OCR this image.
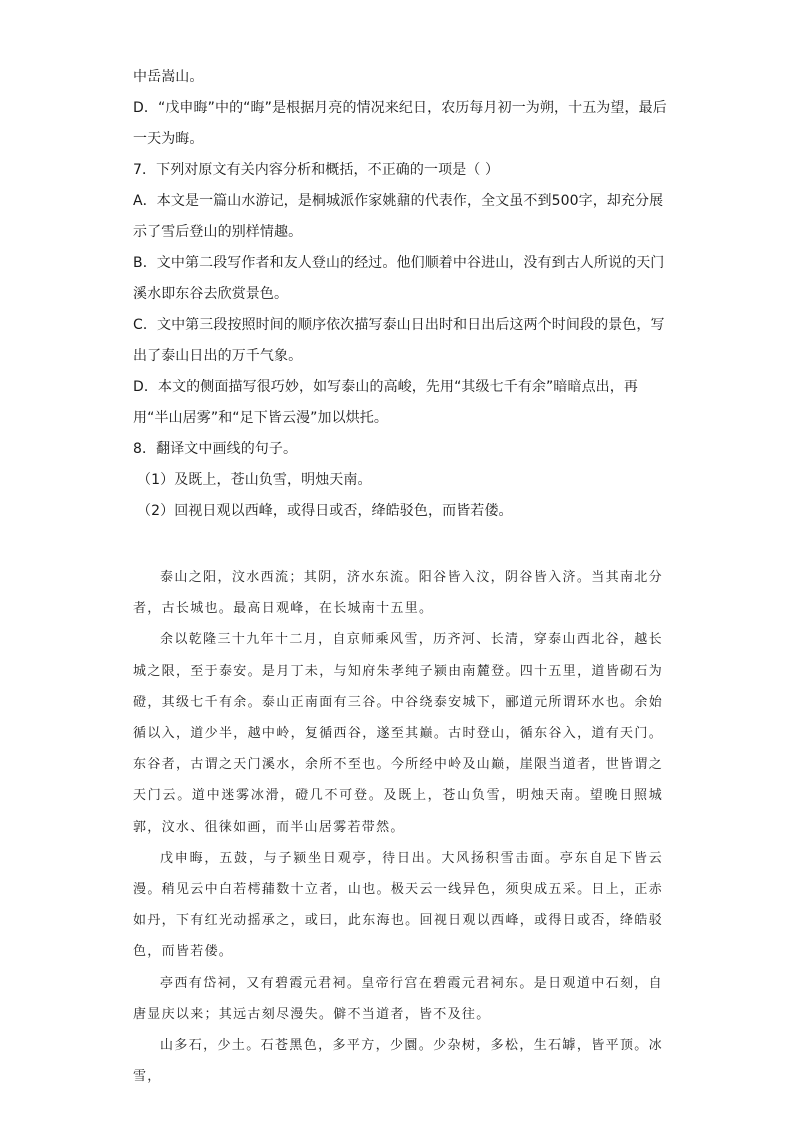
中岳嵩山。

D．“戊申晦”中的“晦”是根据月亮的情况来纪日，农历每月初一为朔，十五为望，最后一天为晦。

7．下列对原文有关内容分析和概括，不正确的一项是（ ）

A．本文是一篇山水游记，是桐城派作家姚鼐的代表作，全文虽不到500字，却充分展示了雪后登山的别样情趣。

B．文中第二段写作者和友人登山的经过。他们顺着中谷进山，没有到古人所说的天门溪水即东谷去欣赏景色。

C．文中第三段按照时间的顺序依次描写泰山日出时和日出后这两个时间段的景色，写出了泰山日出的万千气象。

D．本文的侧面描写很巧妙，如写泰山的高峻，先用“其级七千有余”暗暗点出，再用“半山居雾”和“足下皆云漫”加以烘托。

8．翻译文中画线的句子。

（1）及既上，苍山负雪，明烛天南。

（2）回视日观以西峰，或得日或否，绛皓驳色，而皆若偻。

泰山之阳，汶水西流；其阴，济水东流。阳谷皆入汶，阴谷皆入济。当其南北分者，古长城也。最高日观峰，在长城南十五里。

余以乾隆三十九年十二月，自京师乘风雪，历齐河、长清，穿泰山西北谷，越长城之限，至于泰安。是月丁未，与知府朱孝纯子颍由南麓登。四十五里，道皆砌石为磴，其级七千有余。泰山正南面有三谷。中谷绕泰安城下，郦道元所谓环水也。余始循以入，道少半，越中岭，复循西谷，遂至其巅。古时登山，循东谷入，道有天门。东谷者，古谓之天门溪水，余所不至也。今所经中岭及山巅，崖限当道者，世皆谓之天门云。道中迷雾冰滑，磴几不可登。及既上，苍山负雪，明烛天南。望晚日照城郭，汶水、徂徕如画，而半山居雾若带然。

戊申晦，五鼓，与子颍坐日观亭，待日出。大风扬积雪击面。亭东自足下皆云漫。稍见云中白若樗蒱数十立者，山也。极天云一线异色，须臾成五采。日上，正赤如丹，下有红光动摇承之，或曰，此东海也。回视日观以西峰，或得日或否，绛皓驳色，而皆若偻。

亭西有岱祠，又有碧霞元君祠。皇帝行宫在碧霞元君祠东。是日观道中石刻，自唐显庆以来；其远古刻尽漫失。僻不当道者，皆不及往。

山多石，少土。石苍黑色，多平方，少圜。少杂树，多松，生石罅，皆平顶。冰雪，
